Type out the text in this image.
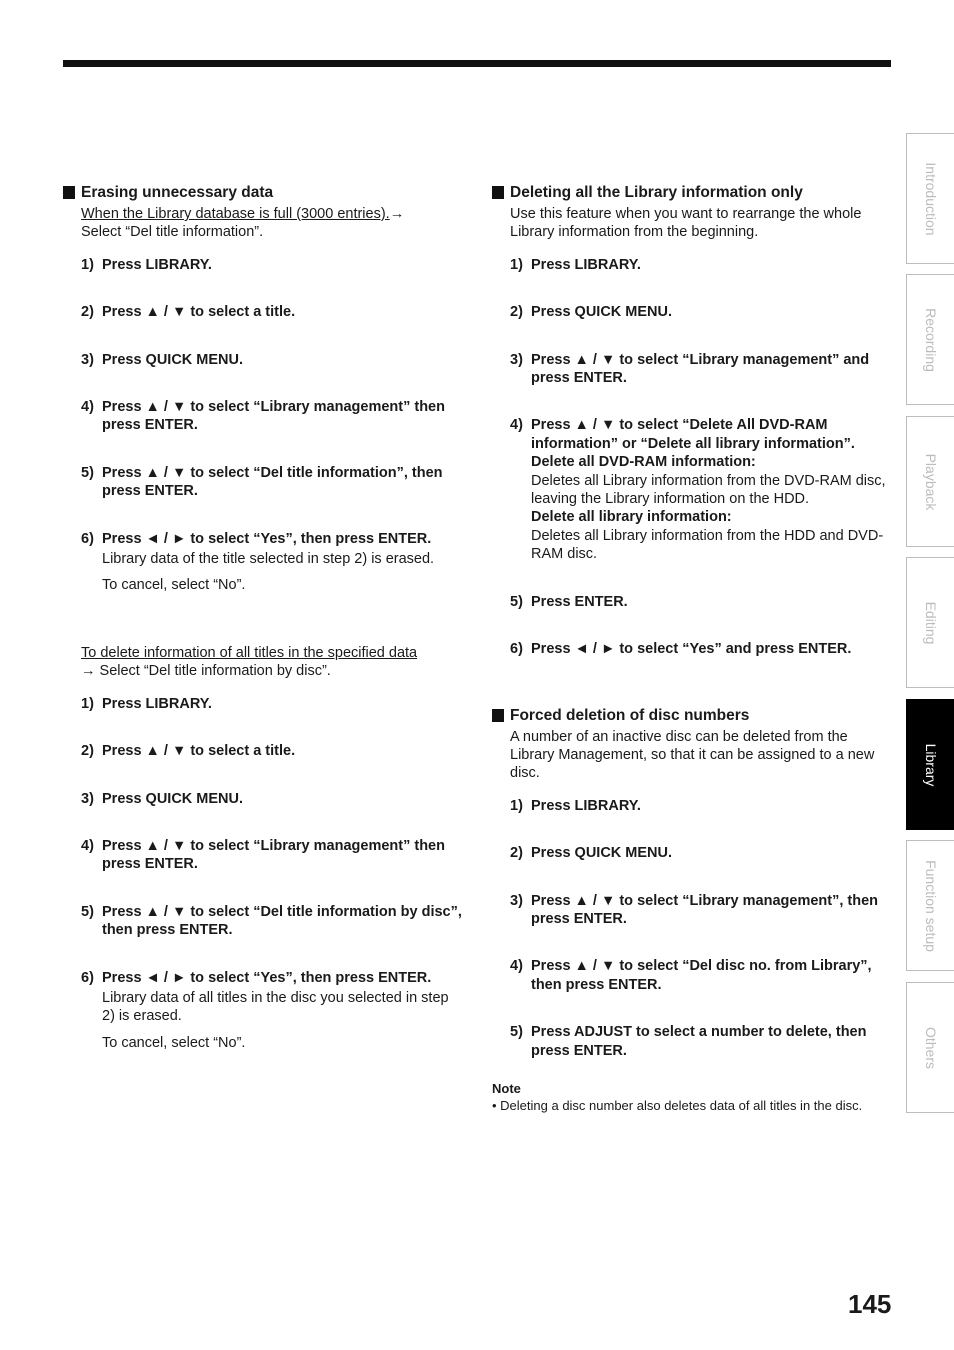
Erasing unnecessary data
When the Library database is full (3000 entries).→
Select “Del title information”.
1) Press LIBRARY.
2) Press ▲ / ▼ to select a title.
3) Press QUICK MENU.
4) Press ▲ / ▼ to select “Library management” then press ENTER.
5) Press ▲ / ▼ to select “Del title information”, then press ENTER.
6) Press ◄ / ► to select “Yes”, then press ENTER.
Library data of the title selected in step 2) is erased.
To cancel, select “No”.
To delete information of all titles in the specified data
→ Select “Del title information by disc”.
1) Press LIBRARY.
2) Press ▲ / ▼ to select a title.
3) Press QUICK MENU.
4) Press ▲ / ▼ to select “Library management” then press ENTER.
5) Press ▲ / ▼ to select “Del title information by disc”, then press ENTER.
6) Press ◄ / ► to select “Yes”, then press ENTER.
Library data of all titles in the disc you selected in step 2) is erased.
To cancel, select “No”.
Deleting all the Library information only
Use this feature when you want to rearrange the whole Library information from the beginning.
1) Press LIBRARY.
2) Press QUICK MENU.
3) Press ▲ / ▼ to select “Library management” and press ENTER.
4) Press ▲ / ▼ to select “Delete All DVD-RAM information” or “Delete all library information”.
Delete all DVD-RAM information:
Deletes all Library information from the DVD-RAM disc, leaving the Library information on the HDD.
Delete all library information:
Deletes all Library information from the HDD and DVD-RAM disc.
5) Press ENTER.
6) Press ◄ / ► to select “Yes” and press ENTER.
Forced deletion of disc numbers
A number of an inactive disc can be deleted from the Library Management, so that it can be assigned to a new disc.
1) Press LIBRARY.
2) Press QUICK MENU.
3) Press ▲ / ▼ to select “Library management”, then press ENTER.
4) Press ▲ / ▼ to select “Del disc no. from Library”, then press ENTER.
5) Press ADJUST to select a number to delete, then press ENTER.
Note
• Deleting a disc number also deletes data of all titles in the disc.
Introduction
Recording
Playback
Editing
Library
Function setup
Others
145
